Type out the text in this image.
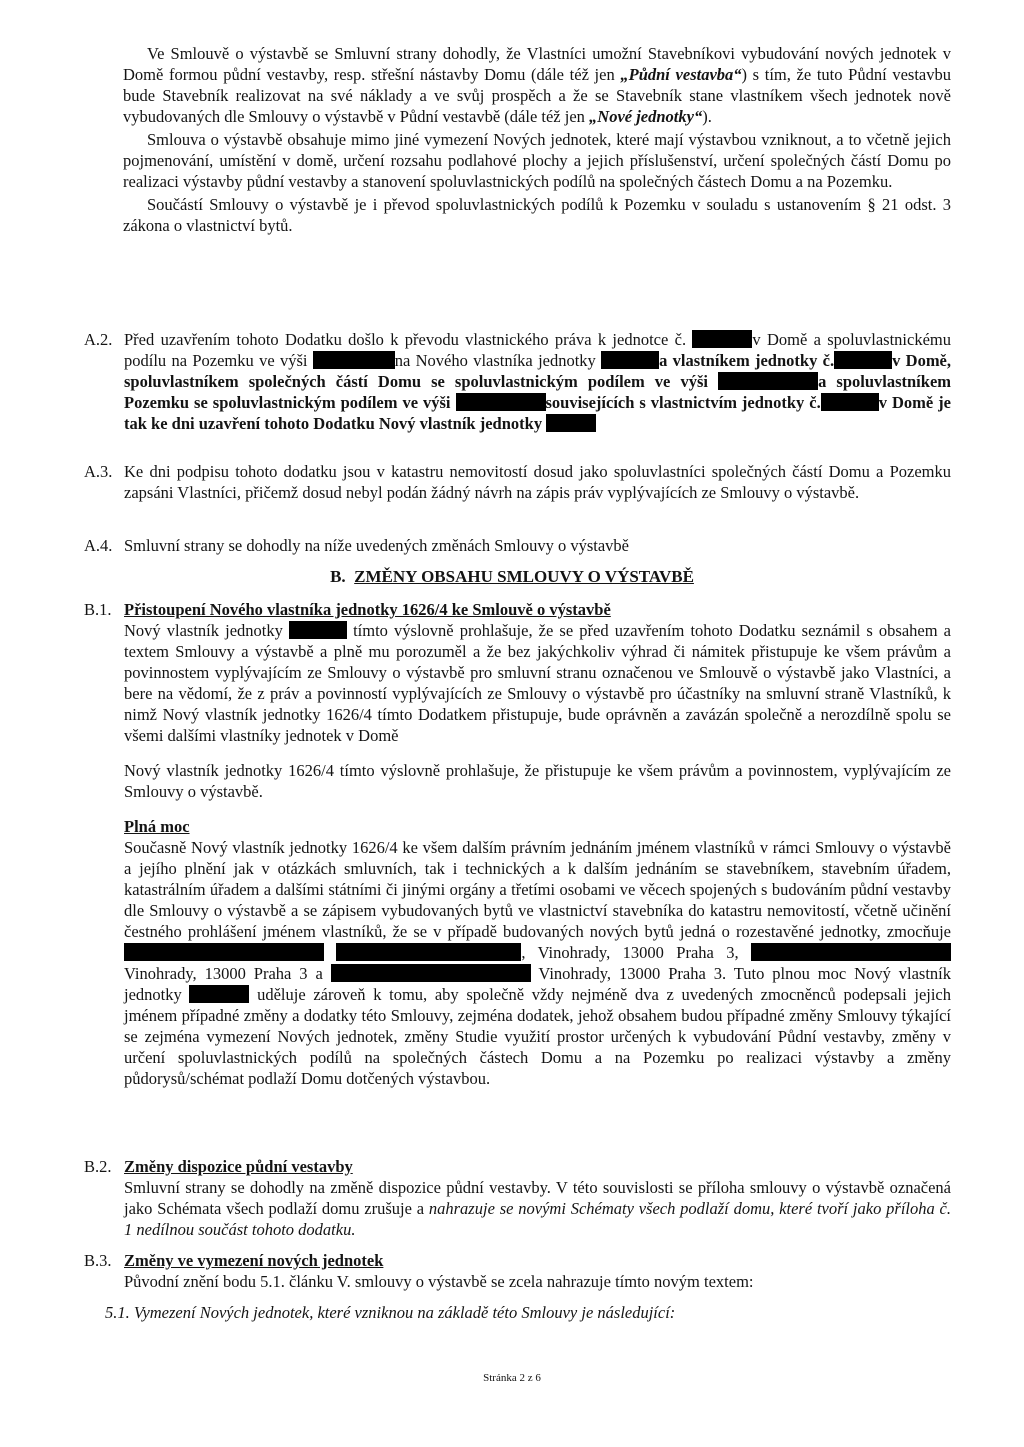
Ve Smlouvě o výstavbě se Smluvní strany dohodly, že Vlastníci umožní Stavebníkovi vybudování nových jednotek v Domě formou půdní vestavby, resp. střešní nástavby Domu (dále též jen „Půdní vestavba“) s tím, že tuto Půdní vestavbu bude Stavebník realizovat na své náklady a ve svůj prospěch a že se Stavebník stane vlastníkem všech jednotek nově vybudovaných dle Smlouvy o výstavbě v Půdní vestavbě (dále též jen „Nové jednotky“).

Smlouva o výstavbě obsahuje mimo jiné vymezení Nových jednotek, které mají výstavbou vzniknout, a to včetně jejich pojmenování, umístění v domě, určení rozsahu podlahové plochy a jejich příslušenství, určení společných částí Domu po realizaci výstavby půdní vestavby a stanovení spoluvlastnických podílů na společných částech Domu a na Pozemku.

Součástí Smlouvy o výstavbě je i převod spoluvlastnických podílů k Pozemku v souladu s ustanovením § 21 odst. 3 zákona o vlastnictví bytů.

A.2. Před uzavřením tohoto Dodatku došlo k převodu vlastnického práva k jednotce č.	v Domě a spoluvlastnickému podílu na Pozemku ve výši	na Nového vlastníka jednotky	a vlastníkem jednotky č.	v Domě, spoluvlastníkem společných částí Domu se spoluvlastnickým podílem ve výši	a spoluvlastníkem Pozemku se spoluvlastnickým podílem ve výši	souvisejících s vlastnictvím jednotky č.	v Domě je tak ke dni uzavření tohoto Dodatku Nový vlastník jednotky

A.3. Ke dni podpisu tohoto dodatku jsou v katastru nemovitostí dosud jako spoluvlastníci společných částí Domu a Pozemku zapsáni Vlastníci, přičemž dosud nebyl podán žádný návrh na zápis práv vyplývajících ze Smlouvy o výstavbě.

A.4. Smluvní strany se dohodly na níže uvedených změnách Smlouvy o výstavbě

B. ZMĚNY OBSAHU SMLOUVY O VÝSTAVBĚ
B.1. Přistoupení Nového vlastníka jednotky 1626/4 ke Smlouvě o výstavbě

Nový vlastník jednotky	tímto výslovně prohlašuje, že se před uzavřením tohoto Dodatku seznámil s obsahem a textem Smlouvy a výstavbě a plně mu porozuměl a že bez jakýchkoliv výhrad či námitek přistupuje ke všem právům a povinnostem vyplývajícím ze Smlouvy o výstavbě pro smluvní stranu označenou ve Smlouvě o výstavbě jako Vlastníci, a bere na vědomí, že z práv a povinností vyplývajících ze Smlouvy o výstavbě pro účastníky na smluvní straně Vlastníků, k nimž Nový vlastník jednotky 1626/4 tímto Dodatkem přistupuje, bude oprávněn a zavázán společně a nerozdílně spolu se všemi dalšími vlastníky jednotek v Domě

Nový vlastník jednotky 1626/4 tímto výslovně prohlašuje, že přistupuje ke všem právům a povinnostem, vyplývajícím ze Smlouvy o výstavbě.

Plná moc

Současně Nový vlastník jednotky 1626/4 ke všem dalším právním jednáním jménem vlastníků v rámci Smlouvy o výstavbě a jejího plnění jak v otázkách smluvních, tak i technických a k dalším jednáním se stavebníkem, stavebním úřadem, katastrálním úřadem a dalšími státními či jinými orgány a třetími osobami ve věcech spojených s budováním půdní vestavby dle Smlouvy o výstavbě a se zápisem vybudovaných bytů ve vlastnictví stavebníka do katastru nemovitostí, včetně učinění čestného prohlášení jménem vlastníků, že se v případě budovaných nových bytů jedná o rozestavěné jednotky, zmocňuje  , Vinohrady, 13000 Praha 3,  Vinohrady, 13000 Praha 3 a	Vinohrady, 13000 Praha 3. Tuto plnou moc Nový vlastník jednotky	uděluje zároveň k tomu, aby společně vždy nejméně dva z uvedených zmocněnců podepsali jejich jménem případné změny a dodatky této Smlouvy, zejména dodatek, jehož obsahem budou případné změny Smlouvy týkající se zejména vymezení Nových jednotek, změny Studie využití prostor určených k vybudování Půdní vestavby, změny v určení spoluvlastnických podílů na společných částech Domu a na Pozemku po realizaci výstavby a změny půdorysů/schémat podlaží Domu dotčených výstavbou.

B.2. Změny dispozice půdní vestavby

Smluvní strany se dohodly na změně dispozice půdní vestavby. V této souvislosti se příloha smlouvy o výstavbě označená jako Schémata všech podlaží domu zrušuje a nahrazuje se novými Schématy všech podlaží domu, které tvoří jako příloha č. 1 nedílnou součást tohoto dodatku.

B.3. Změny ve vymezení nových jednotek

Původní znění bodu 5.1. článku V. smlouvy o výstavbě se zcela nahrazuje tímto novým textem:

5.1. Vymezení Nových jednotek, které vzniknou na základě této Smlouvy je následující:

Stránka 2 z 6
